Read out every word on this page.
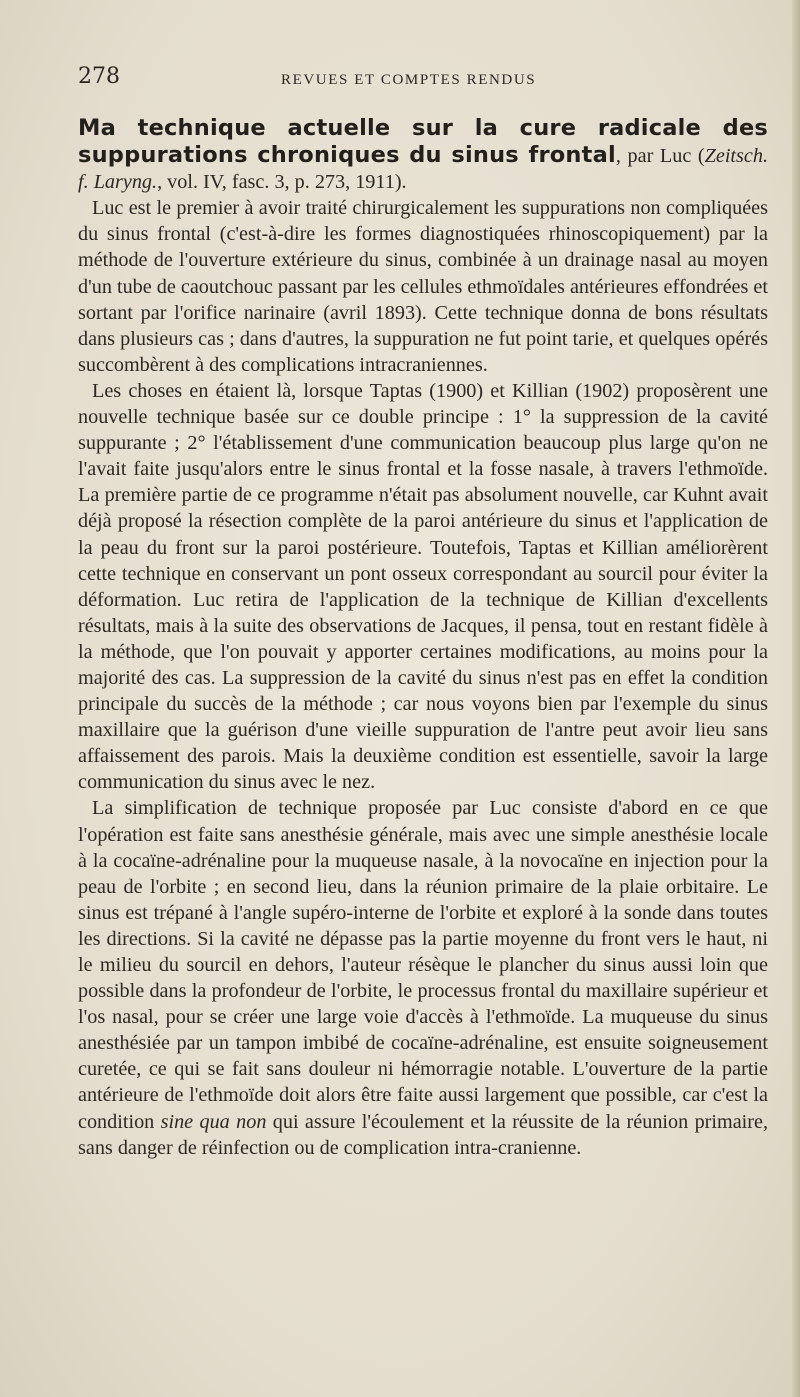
278	REVUES ET COMPTES RENDUS

Ma technique actuelle sur la cure radicale des suppurations chroniques du sinus frontal, par Luc (Zeitsch. f. Laryng., vol. IV, fasc. 3, p. 273, 1911).

Luc est le premier à avoir traité chirurgicalement les suppurations non compliquées du sinus frontal (c'est-à-dire les formes diagnostiquées rhinoscopiquement) par la méthode de l'ouverture extérieure du sinus, combinée à un drainage nasal au moyen d'un tube de caoutchouc passant par les cellules ethmoïdales antérieures effondrées et sortant par l'orifice narinaire (avril 1893). Cette technique donna de bons résultats dans plusieurs cas ; dans d'autres, la suppuration ne fut point tarie, et quelques opérés succombèrent à des complications intracraniennes.

Les choses en étaient là, lorsque Taptas (1900) et Killian (1902) proposèrent une nouvelle technique basée sur ce double principe : 1° la suppression de la cavité suppurante ; 2° l'établissement d'une communication beaucoup plus large qu'on ne l'avait faite jusqu'alors entre le sinus frontal et la fosse nasale, à travers l'ethmoïde. La première partie de ce programme n'était pas absolument nouvelle, car Kuhnt avait déjà proposé la résection complète de la paroi antérieure du sinus et l'application de la peau du front sur la paroi postérieure. Toutefois, Taptas et Killian améliorèrent cette technique en conservant un pont osseux correspondant au sourcil pour éviter la déformation. Luc retira de l'application de la technique de Killian d'excellents résultats, mais à la suite des observations de Jacques, il pensa, tout en restant fidèle à la méthode, que l'on pouvait y apporter certaines modifications, au moins pour la majorité des cas. La suppression de la cavité du sinus n'est pas en effet la condition principale du succès de la méthode ; car nous voyons bien par l'exemple du sinus maxillaire que la guérison d'une vieille suppuration de l'antre peut avoir lieu sans affaissement des parois. Mais la deuxième condition est essentielle, savoir la large communication du sinus avec le nez.

La simplification de technique proposée par Luc consiste d'abord en ce que l'opération est faite sans anesthésie générale, mais avec une simple anesthésie locale à la cocaïne-adrénaline pour la muqueuse nasale, à la novocaïne en injection pour la peau de l'orbite ; en second lieu, dans la réunion primaire de la plaie orbitaire. Le sinus est trépané à l'angle supéro-interne de l'orbite et exploré à la sonde dans toutes les directions. Si la cavité ne dépasse pas la partie moyenne du front vers le haut, ni le milieu du sourcil en dehors, l'auteur résèque le plancher du sinus aussi loin que possible dans la profondeur de l'orbite, le processus frontal du maxillaire supérieur et l'os nasal, pour se créer une large voie d'accès à l'ethmoïde. La muqueuse du sinus anesthésiée par un tampon imbibé de cocaïne-adrénaline, est ensuite soigneusement curetée, ce qui se fait sans douleur ni hémorragie notable. L'ouverture de la partie antérieure de l'ethmoïde doit alors être faite aussi largement que possible, car c'est la condition sine qua non qui assure l'écoulement et la réussite de la réunion primaire, sans danger de réinfection ou de complication intra-cranienne.
